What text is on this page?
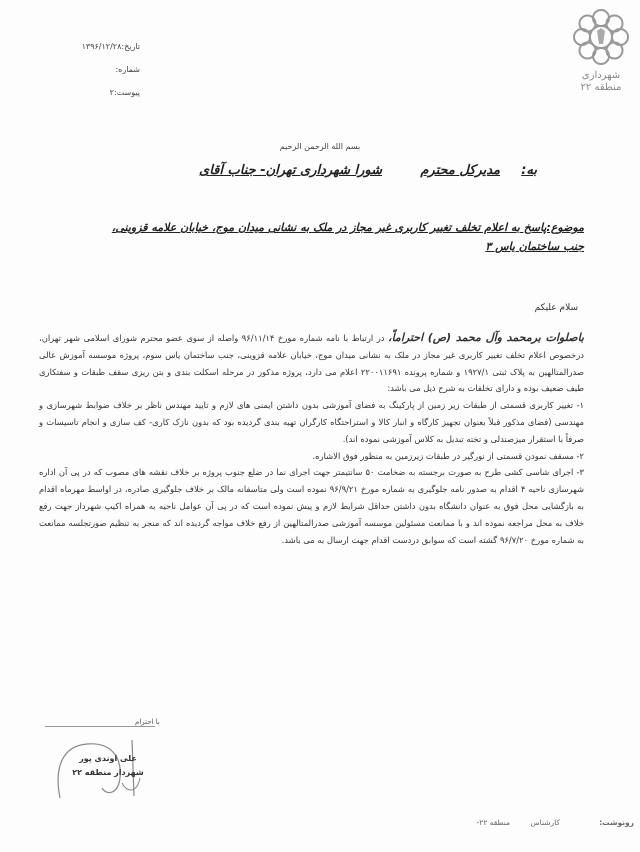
تاریخ:۱۳۹۶/۱۲/۲۸
شماره:
پیوست:۲
شهرداری منطقه ۲۲
بسم الله الرحمن الرحیم
به:
مدیرکل محترم
شورا شهرداری تهران- جناب آقای
موضوع:پاسخ به اعلام تخلف تغییر کاربری غیر مجاز در ملک به نشانی میدان موج، خیابان علامه قزوینی،
جنب ساختمان یاس ۳
سلام علیکم

باصلوات برمحمد وآل محمد (ص) احتراماً، در ارتباط با نامه شماره مورخ ۹۶/۱۱/۱۴ واصله از سوی عضو محترم شورای اسلامی شهر تهران، درخصوص اعلام تخلف تغییر کاربری غیر مجاز در ملک به نشانی میدان موج، خیابان علامه قزوینی، جنب ساختمان یاس سوم، پروژه موسسه آموزش عالی صدرالمتالهین به پلاک ثبتی ۱۹۲۷/۱ و شماره پرونده ۲۲۰۰۱۱۶۹۱ اعلام می دارد، پروژه مذکور در مرحله اسکلت بندی و بتن ریزی سقف طبقات و سفتکاری طیف ضعیف بوده و دارای تخلفات به شرح ذیل می باشد:

۱- تغییر کاربری قسمتی از طبقات زیر زمین از پارکینگ به فضای آموزشی بدون داشتن ایمنی های لازم و تایید مهندس ناظر بر خلاف ضوابط شهرسازی و مهندسی (فضای مذکور قبلاً بعنوان تجهیز کارگاه و انبار کالا و استراحتگاه کارگران تهیه بندی گردیده بود که بدون نازک کاری- کف سازی و انجام تاسیسات و صرفاً با استقرار میزصندلی و تخته تبدیل به کلاس آموزشی نموده اند).

۲- مسقف نمودن قسمتی از نورگیر در طبقات زیرزمین به منظور فوق الاشاره.

۳- اجرای شاسی کشی طرح به صورت برجسته به ضخامت ۵۰ سانتیمتر جهت اجرای نما در ضلع جنوب پروژه بر خلاف نقشه های مصوب که در پی آن اداره شهرسازی ناحیه ۴ اقدام به صدور نامه جلوگیری به شماره مورخ ۹۶/۹/۲۱ نموده است ولی متاسفانه مالک بر خلاف جلوگیری صادره، در اواسط مهرماه اقدام به بازگشایی محل فوق به عنوان دانشگاه بدون داشتن حداقل شرایط لازم و پیش نموده است که در پی آن عوامل ناحیه به همراه اکیپ شهرداز جهت رفع خلاف به محل مراجعه نموده اند و با ممانعت مسئولین موسسه آموزشی صدرالمتالهین از رفع خلاف مواجه گردیده اند که منجر به تنظیم صورتجلسه ممانعت به شماره مورخ ۹۶/۷/۲۰ گشته است که سوابق دردست اقدام جهت ارسال به می باشد.

با احترام
علی اوندی پور
شهردار منطقه ۲۲
رونوشت:
کارشناس
منطقه ۲۲-
